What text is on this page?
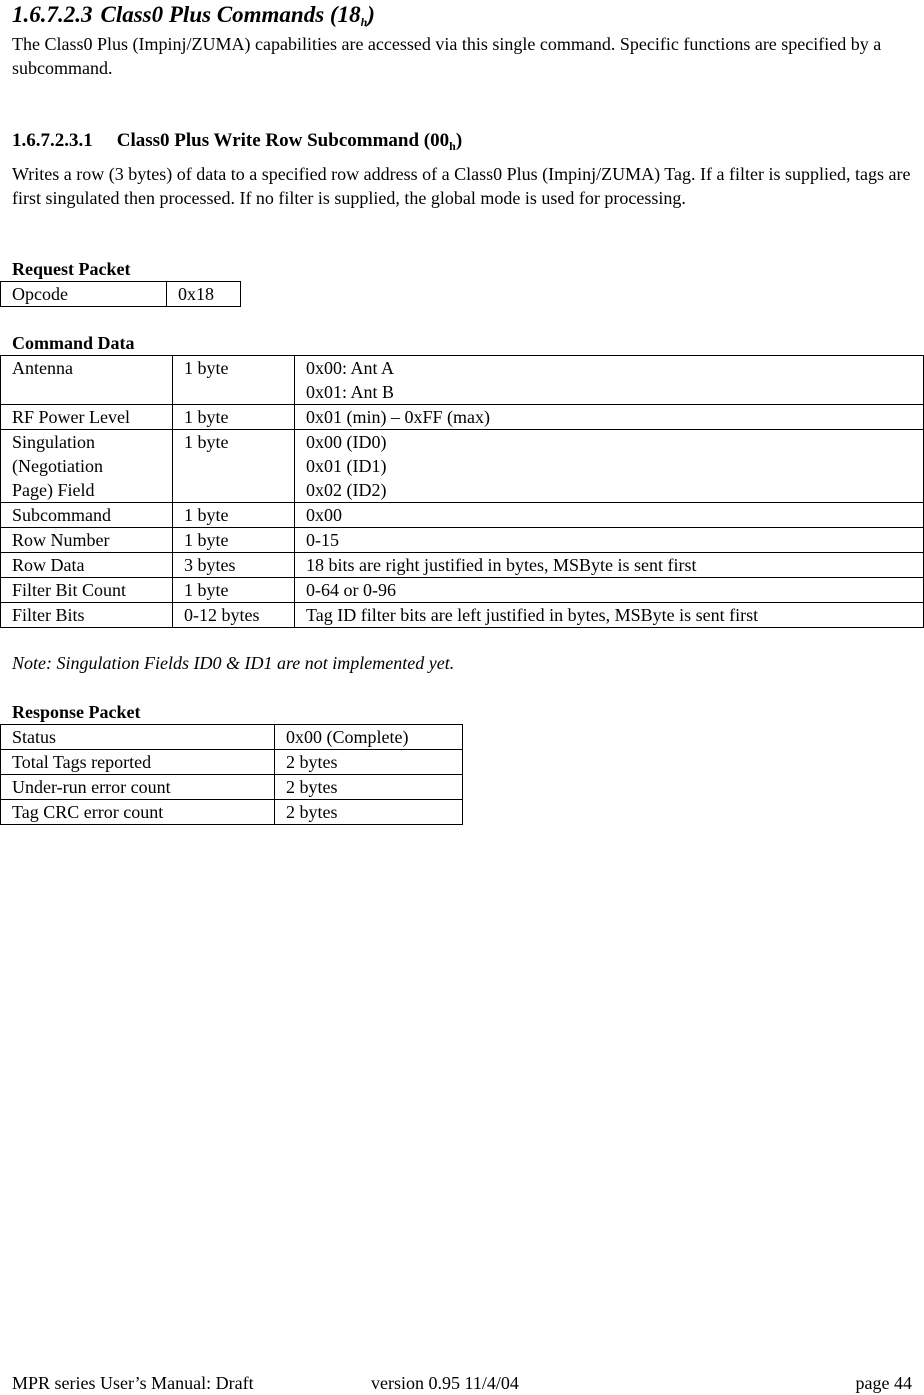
1.6.7.2.3 Class0 Plus Commands $(18_h)$
The Class0 Plus (Impinj/ZUMA) capabilities are accessed via this single command. Specific functions are specified by a subcommand.
1.6.7.2.3.1 Class0 Plus Write Row Subcommand $(00_h)$
Writes a row (3 bytes) of data to a specified row address of a Class0 Plus (Impinj/ZUMA) Tag. If a filter is supplied, tags are first singulated then processed. If no filter is supplied, the global mode is used for processing.
Request Packet
Opcode	0x18
Command Data
Antenna	1 byte	0x00: Ant A
0x01: Ant B
RF Power Level	1 byte	0x01 (min) – 0xFF (max)
Singulation
(Negotiation
Page) Field	1 byte	0x00 (ID0)
0x01 (ID1)
0x02 (ID2)
Subcommand	1 byte	0x00
Row Number	1 byte	0-15
Row Data	3 bytes	18 bits are right justified in bytes, MSByte is sent first
Filter Bit Count	1 byte	0-64 or 0-96
Filter Bits	0-12 bytes	Tag ID filter bits are left justified in bytes, MSByte is sent first
Note: Singulation Fields ID0 & ID1 are not implemented yet.
Response Packet
Status	0x00 (Complete)
Total Tags reported	2 bytes
Under-run error count	2 bytes
Tag CRC error count	2 bytes
MPR series User’s Manual: Draft	version 0.95 11/4/04	page 44
